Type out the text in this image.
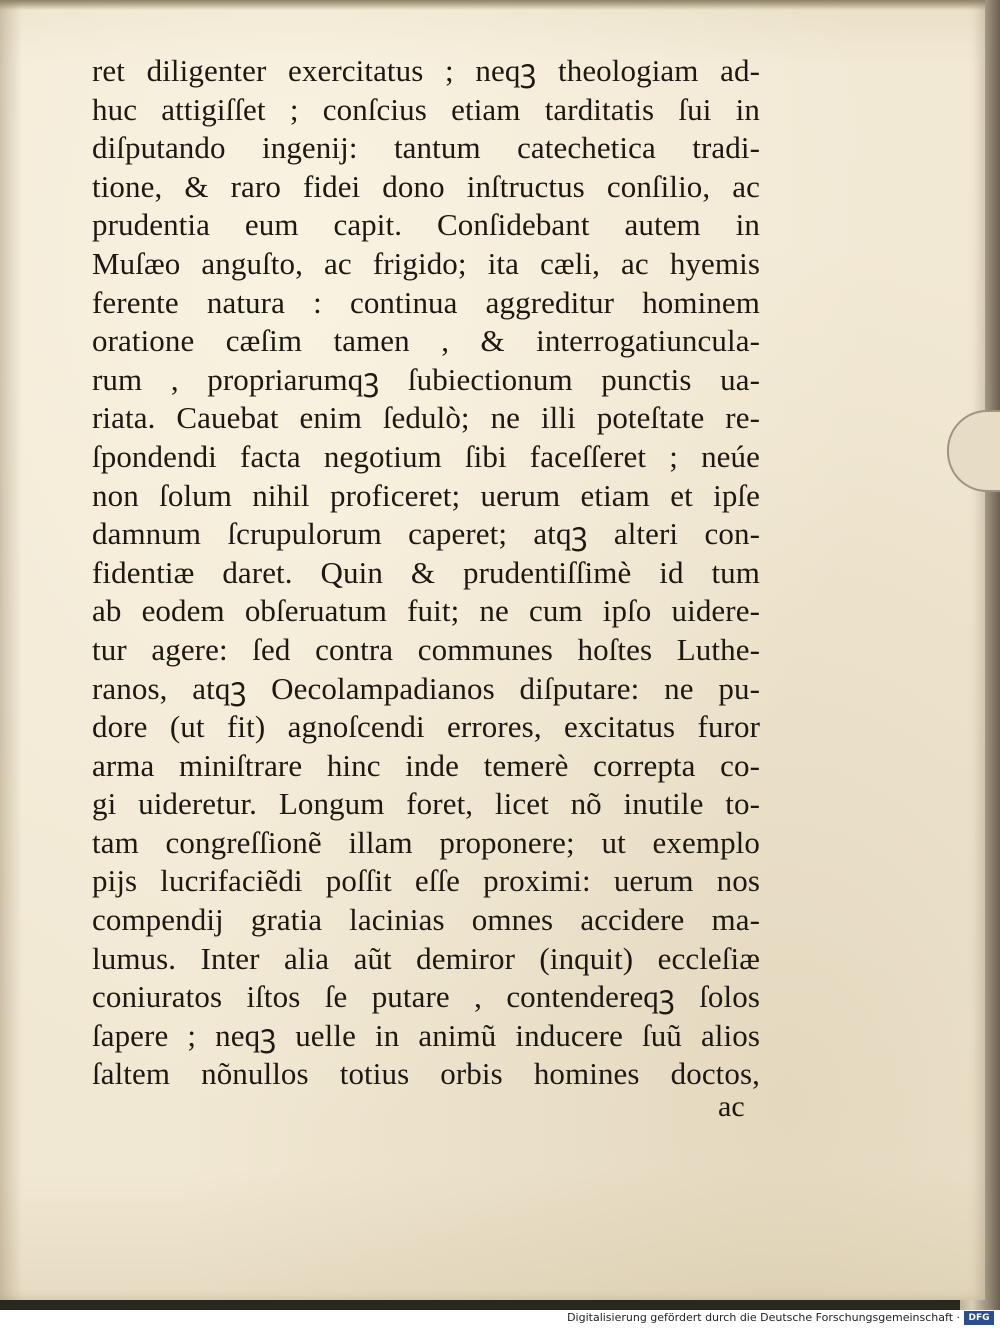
ret diligenter exercitatus ; neqꝫ theologiam ad-
huc attigiſſet ; conſcius etiam tarditatis ſui in
diſputando ingenij: tantum catechetica tradi-
tione, & raro fidei dono inſtructus conſilio, ac
prudentia eum capit. Conſidebant autem in
Muſæo anguſto, ac frigido; ita cæli, ac hyemis
ferente natura : continua aggreditur hominem
oratione cæſim tamen , & interrogatiuncula-
rum , propriarumqꝫ ſubiectionum punctis ua-
riata. Cauebat enim ſedulò; ne illi poteſtate re-
ſpondendi facta negotium ſibi faceſſeret ; neúe
non ſolum nihil proficeret; uerum etiam et ipſe
damnum ſcrupulorum caperet; atqꝫ alteri con-
fidentiæ daret. Quin & prudentiſſimè id tum
ab eodem obſeruatum fuit; ne cum ipſo uidere-
tur agere: ſed contra communes hoſtes Luthe-
ranos, atqꝫ Oecolampadianos diſputare: ne pu-
dore (ut fit) agnoſcendi errores, excitatus furor
arma miniſtrare hinc inde temerè correpta co-
gi uideretur. Longum foret, licet nõ inutile to-
tam congreſſionẽ illam proponere; ut exemplo
pijs lucrifaciẽdi poſſit eſſe proximi: uerum nos
compendij gratia lacinias omnes accidere ma-
lumus. Inter alia aũt demiror (inquit) eccleſiæ
coniuratos iſtos ſe putare , contendereqꝫ ſolos
ſapere ; neqꝫ uelle in animũ inducere ſuũ alios
ſaltem nõnullos totius orbis homines doctos,
ac
Digitalisierung gefördert durch die Deutsche Forschungsgemeinschaft · DFG
